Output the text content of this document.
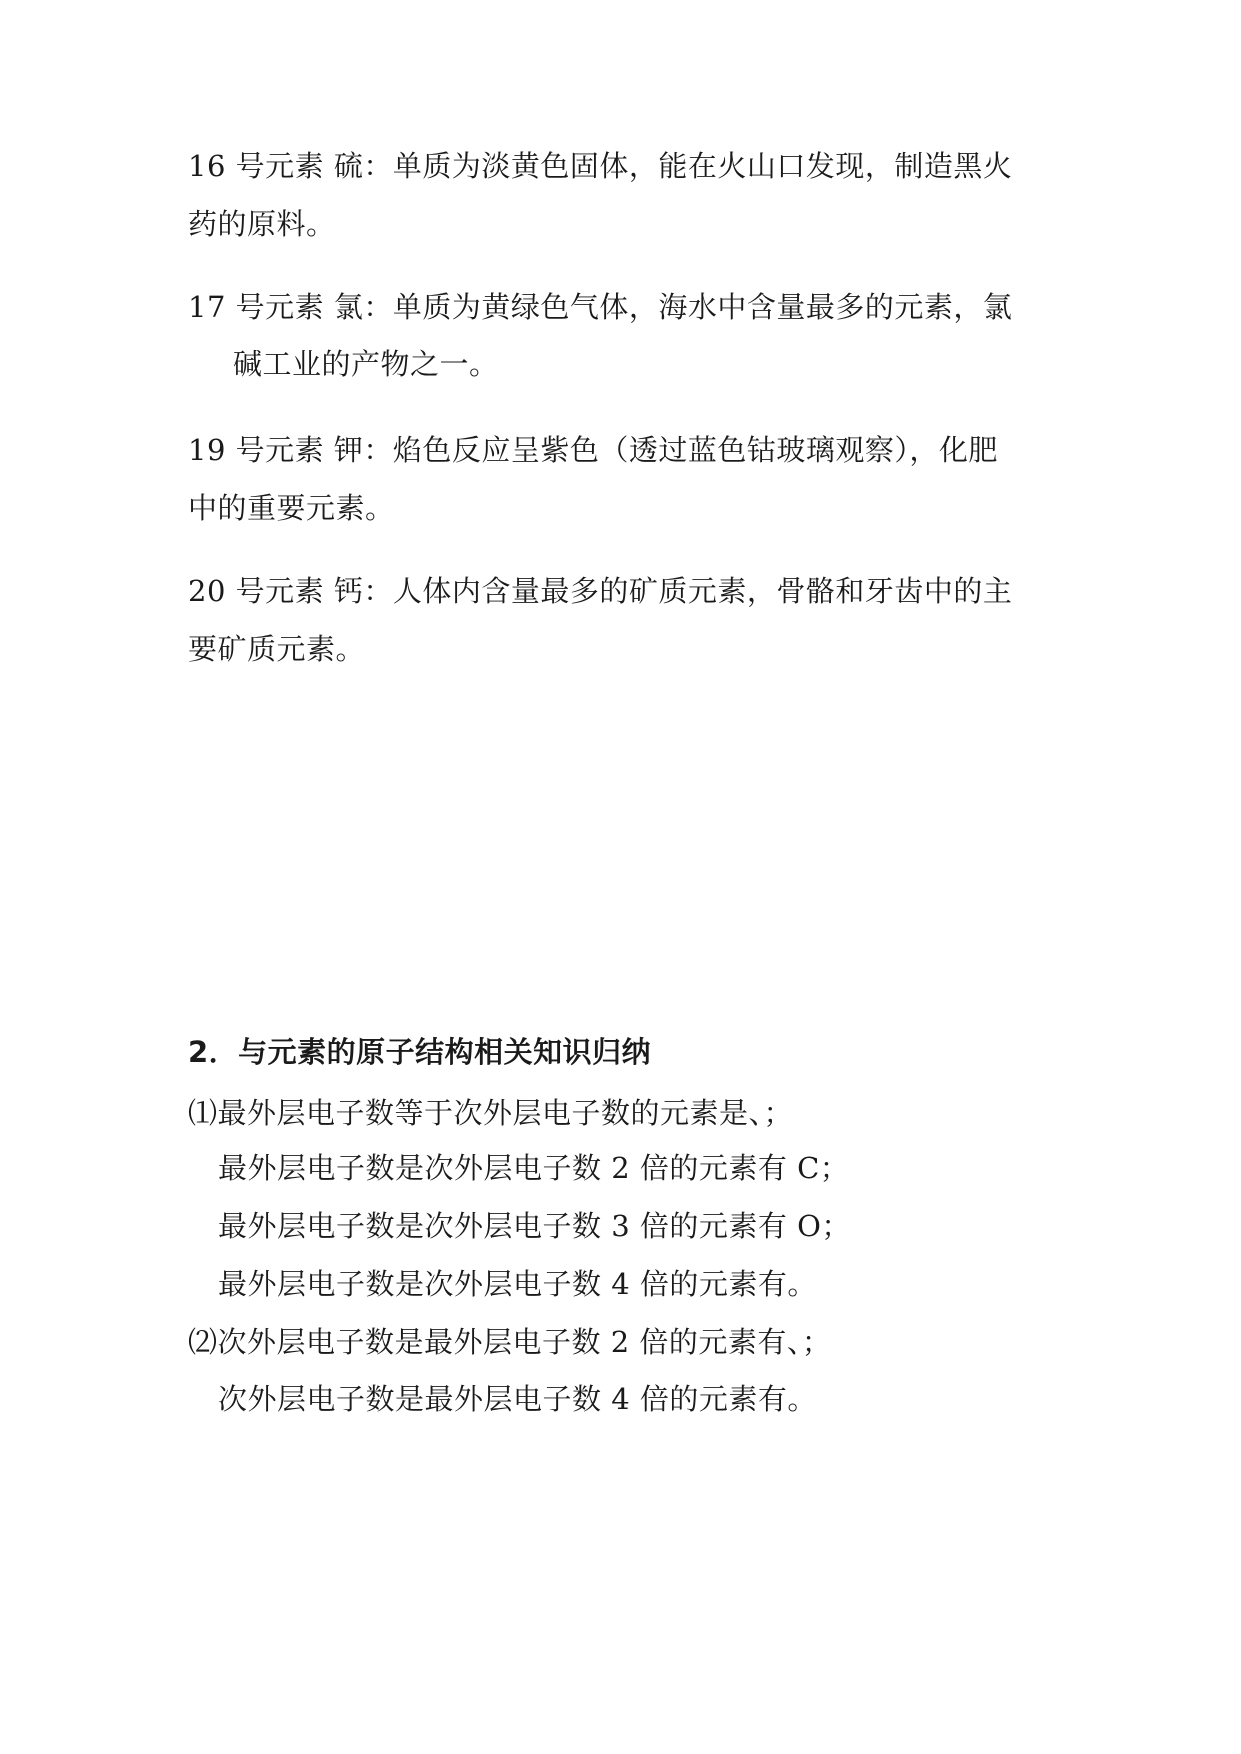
16 号元素 硫：单质为淡黄色固体，能在火山口发现，制造黑火
药的原料。
17 号元素 氯：单质为黄绿色气体，海水中含量最多的元素，氯
碱工业的产物之一。
19 号元素 钾：焰色反应呈紫色（透过蓝色钴玻璃观察），化肥
中的重要元素。
20 号元素 钙：人体内含量最多的矿质元素，骨骼和牙齿中的主
要矿质元素。
2．与元素的原子结构相关知识归纳
⑴最外层电子数等于次外层电子数的元素是、；
最外层电子数是次外层电子数 2 倍的元素有 C；
最外层电子数是次外层电子数 3 倍的元素有 O；
最外层电子数是次外层电子数 4 倍的元素有。
⑵次外层电子数是最外层电子数 2 倍的元素有、；
次外层电子数是最外层电子数 4 倍的元素有。
